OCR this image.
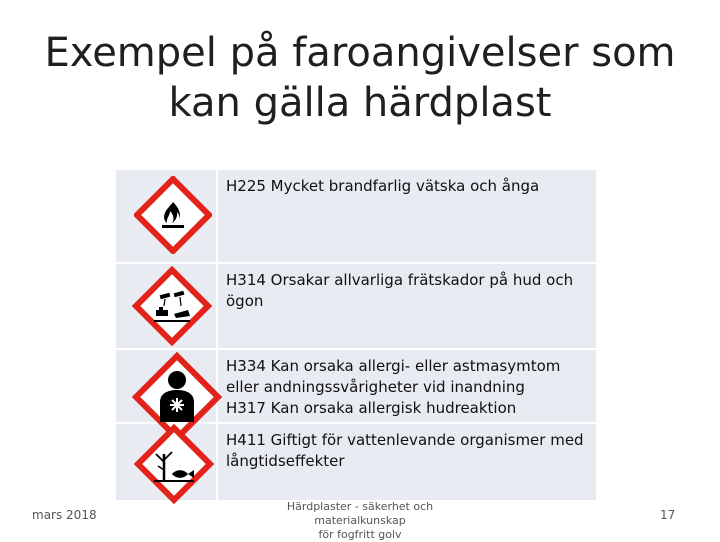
Exempel på faroangivelser som
kan gälla härdplast
H225 Mycket brandfarlig vätska och ånga
H314 Orsakar allvarliga frätskador på hud och
ögon
H334 Kan orsaka allergi- eller astmasymtom
eller andningssvårigheter vid inandning
H317 Kan orsaka allergisk hudreaktion
H411 Giftigt för vattenlevande organismer med
långtidseffekter
mars 2018
Härdplaster - säkerhet och materialkunskap
för fogfritt golv
17
